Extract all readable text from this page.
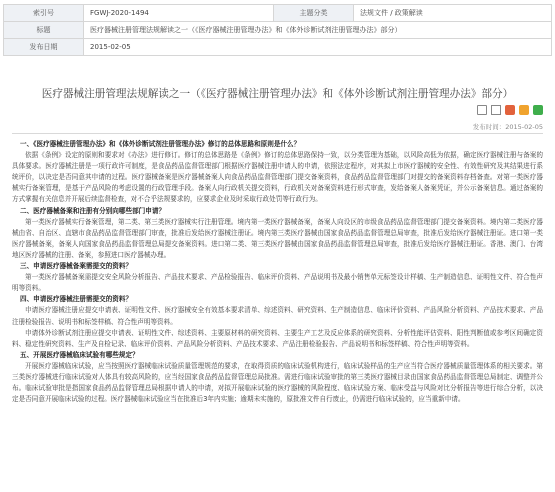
索引号	FGWJ-2020-1494	主题分类	法规文件 / 政策解读
标题	医疗器械注册管理法规解读之一（《医疗器械注册管理办法》和《体外诊断试剂注册管理办法》部分）		
发布日期	2015-02-05		
医疗器械注册管理法规解读之一（《医疗器械注册管理办法》和《体外诊断试剂注册管理办法》部分）
发布时间：2015-02-05
一、《医疗器械注册管理办法》和《体外诊断试剂注册管理办法》修订的总体思路和原则是什么？
依据《条例》设定的原则和要求对《办法》进行修订。修订的总体思路是《条例》修订的总体思路保持一致，以分类管理为基础，以风险高低为依据，确定医疗器械注册与备案的具体要求。医疗器械注册是一项行政许可制度，是食品药品监督管理部门根据医疗器械注册申请人的申请，依照法定程序，对其拟上市医疗器械的安全性、有效性研究及其结果进行系统评价，以决定是否同意其申请的过程。医疗器械备案是医疗器械备案人向食品药品监督管理部门提交备案资料，食品药品监督管理部门对提交的备案资料存档备查。对第一类医疗器械实行备案管理，是基于产品风险的考虑设置的行政管理手段。备案人向行政机关提交资料，行政机关对备案资料进行形式审查，发给备案人备案凭证，并公示备案信息。通过备案的方式掌握有关信息并开展后续监督检查，对不合乎法规要求的，应要求企业及时采取行政处罚等行政行为。
二、医疗器械备案和注册有分别向哪些部门申请？
第一类医疗器械实行备案管理，第二类、第三类医疗器械实行注册管理。境内第一类医疗器械备案，备案人向设区的市级食品药品监督管理部门提交备案资料。境内第二类医疗器械由省、自治区、直辖市食品药品监督管理部门审查，批准后发给医疗器械注册证。境内第三类医疗器械由国家食品药品监督管理总局审查，批准后发给医疗器械注册证。进口第一类医疗器械备案，备案人向国家食品药品监督管理总局提交备案资料。进口第二类、第三类医疗器械由国家食品药品监督管理总局审查，批准后发给医疗器械注册证。香港、澳门、台湾地区医疗器械的注册、备案，参照进口医疗器械办理。
三、申请医疗器械备案需提交的资料？
第一类医疗器械备案需提交安全风险分析报告、产品技术要求、产品检验报告、临床评价资料、产品说明书及最小销售单元标签设计样稿、生产制造信息、证明性文件、符合性声明等资料。
四、申请医疗器械注册需提交的资料？
申请医疗器械注册应提交申请表、证明性文件、医疗器械安全有效基本要求清单、综述资料、研究资料、生产制造信息、临床评价资料、产品风险分析资料、产品技术要求、产品注册检验报告、说明书和标签样稿、符合性声明等资料。
申请体外诊断试剂注册应提交申请表、证明性文件、综述资料、主要原材料的研究资料、主要生产工艺及反应体系的研究资料、分析性能评估资料、阳性判断值或参考区间确定资料、稳定性研究资料、生产及自检记录、临床评价资料、产品风险分析资料、产品技术要求、产品注册检验报告、产品说明书和标签样稿、符合性声明等资料。
五、开展医疗器械临床试验有哪些规定？
开展医疗器械临床试验，应当按照医疗器械临床试验质量管理规范的要求，在取得资质的临床试验机构进行，临床试验样品的生产应当符合医疗器械质量管理体系的相关要求。第三类医疗器械进行临床试验对人体具有较高风险的，应当经国家食品药品监督管理总局批准。需进行临床试验审批的第三类医疗器械目录由国家食品药品监督管理总局制定、调整并公布。临床试验审批是指国家食品药品监督管理总局根据申请人的申请，对拟开展临床试验的医疗器械的风险程度、临床试验方案、临床受益与风险对比分析报告等进行综合分析，以决定是否同意开展临床试验的过程。医疗器械临床试验应当在批准后3年内实施；逾期未实施的，原批准文件自行废止，仍需进行临床试验的，应当重新申请。
